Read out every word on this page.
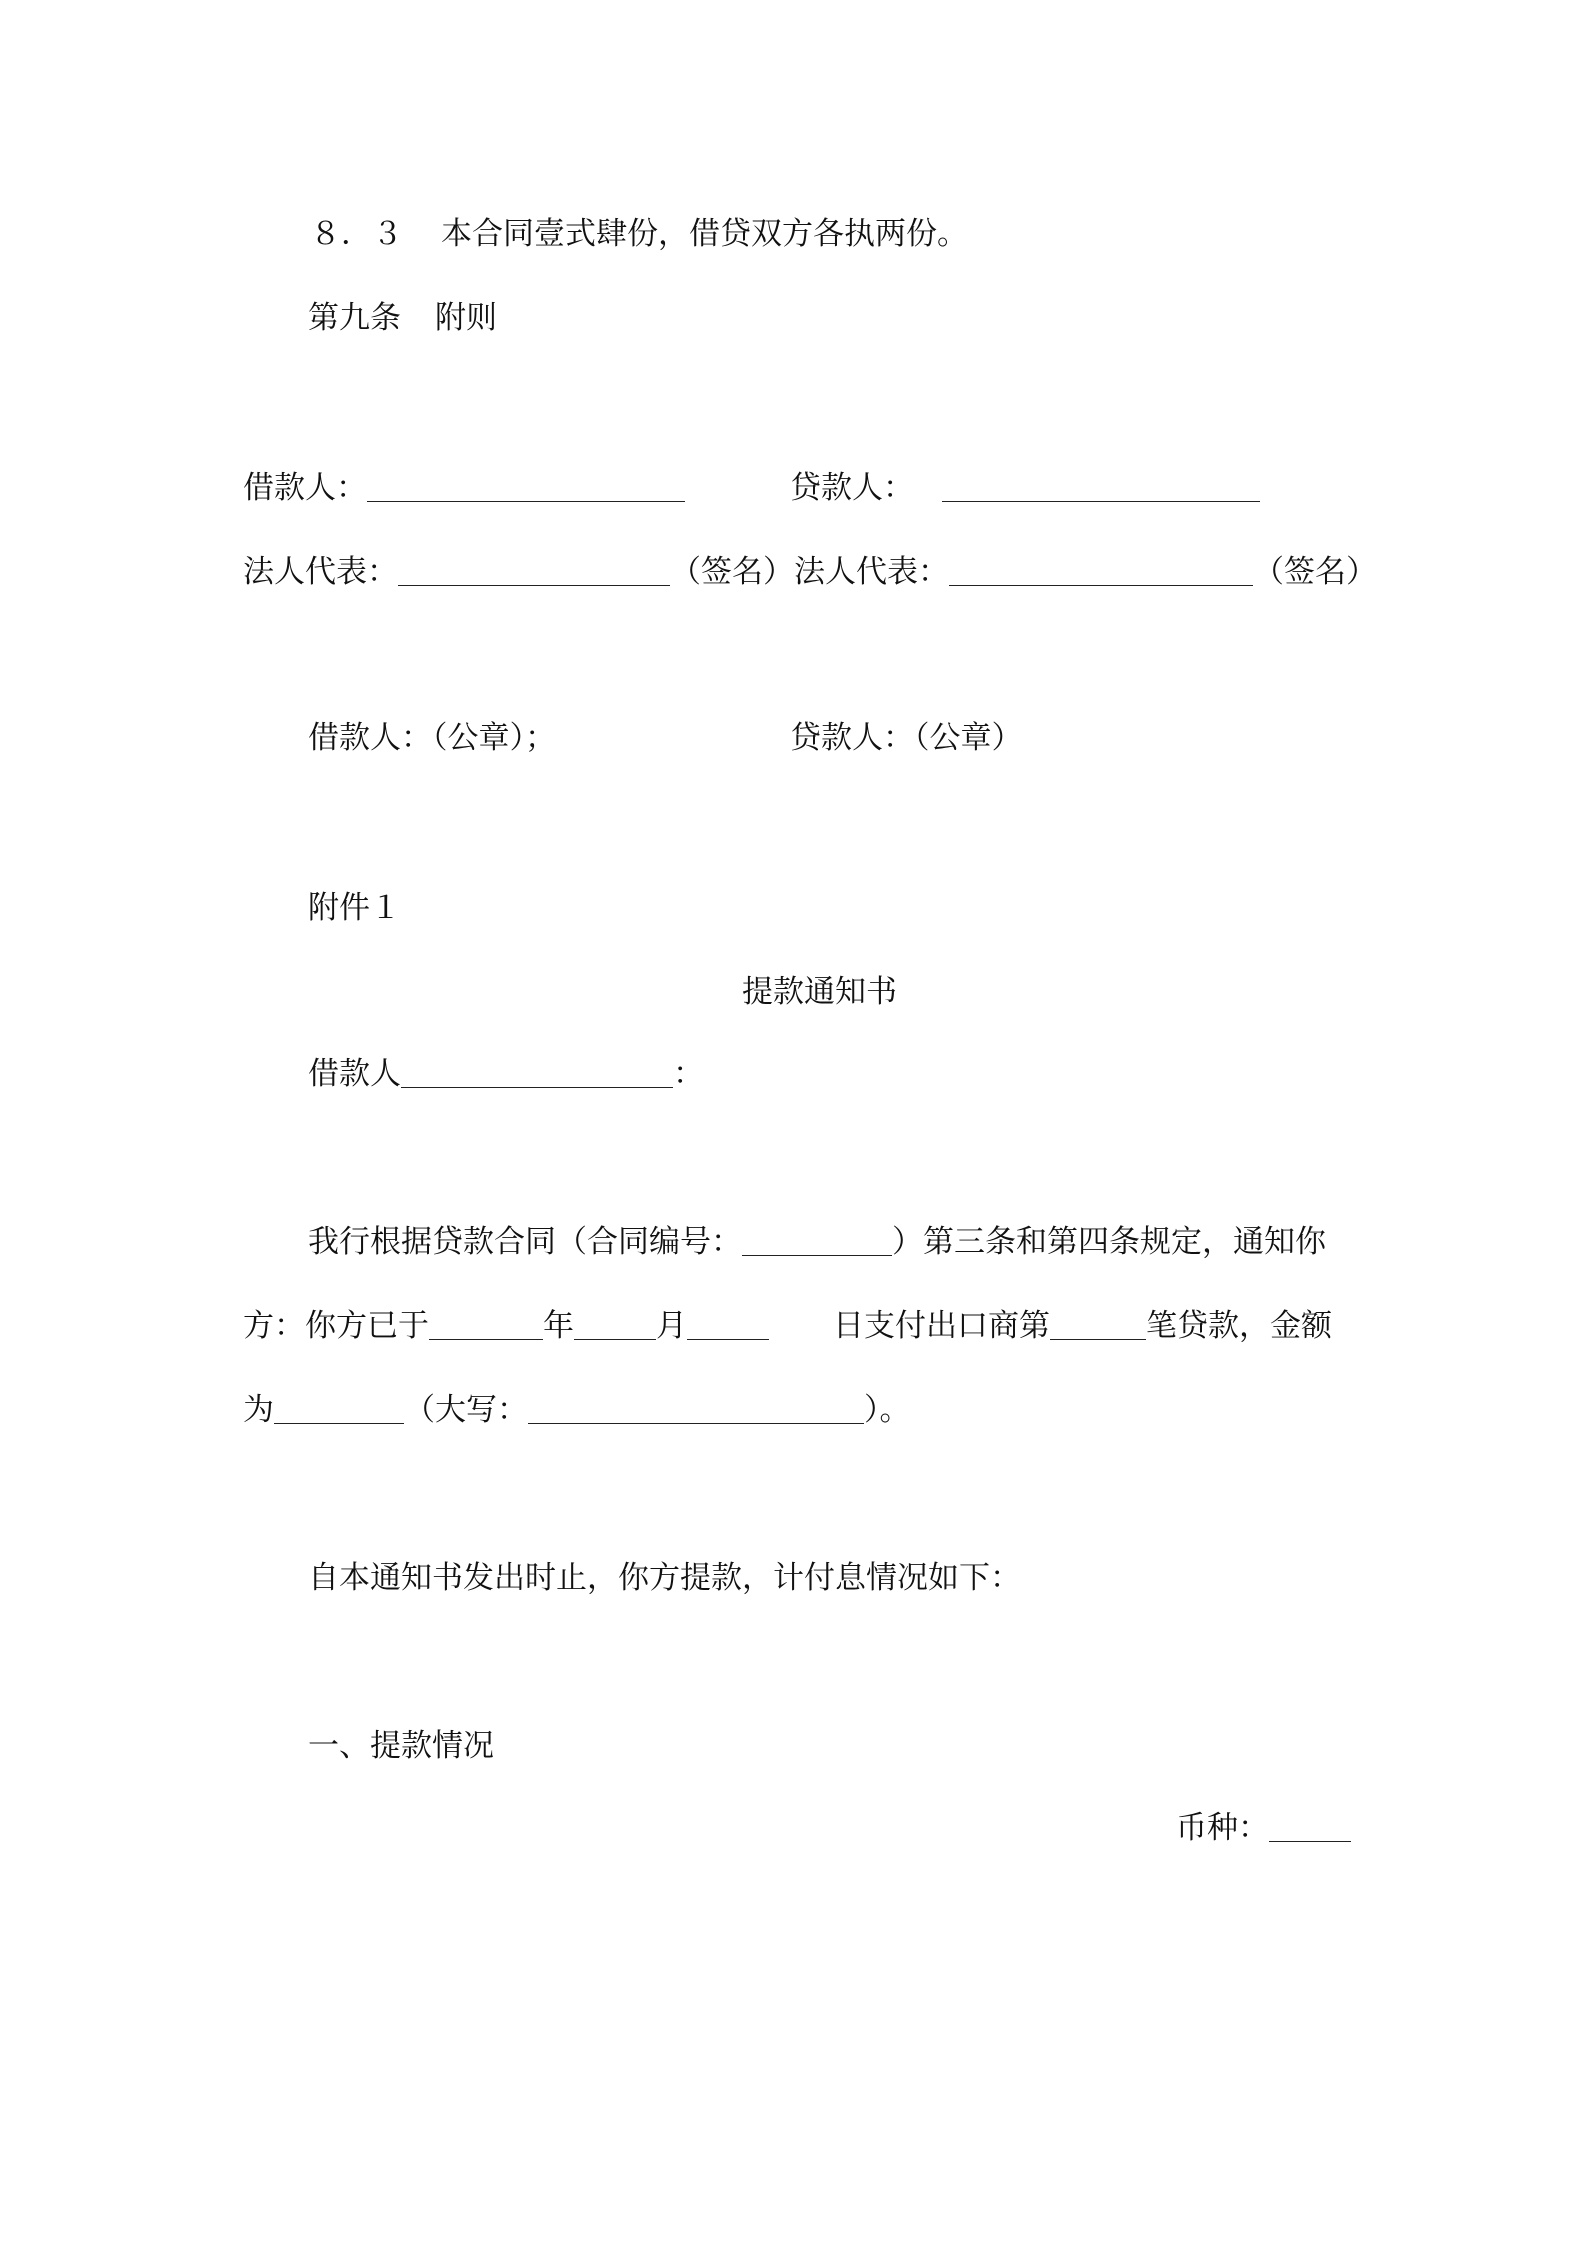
８．３ 本合同壹式肆份，借贷双方各执两份。
第九条 附则
借款人：	贷款人：
法人代表：	（签名）法人代表：	（签名）
借款人：（公章）；	贷款人：（公章）
附件１
提款通知书
借款人	：
我行根据贷款合同（合同编号：	）第三条和第四条规定，通知你
方：你方已于	年	月	日支付出口商第	笔贷款，金额
为	（大写：	）。
自本通知书发出时止，你方提款，计付息情况如下：
一、提款情况
币种：
